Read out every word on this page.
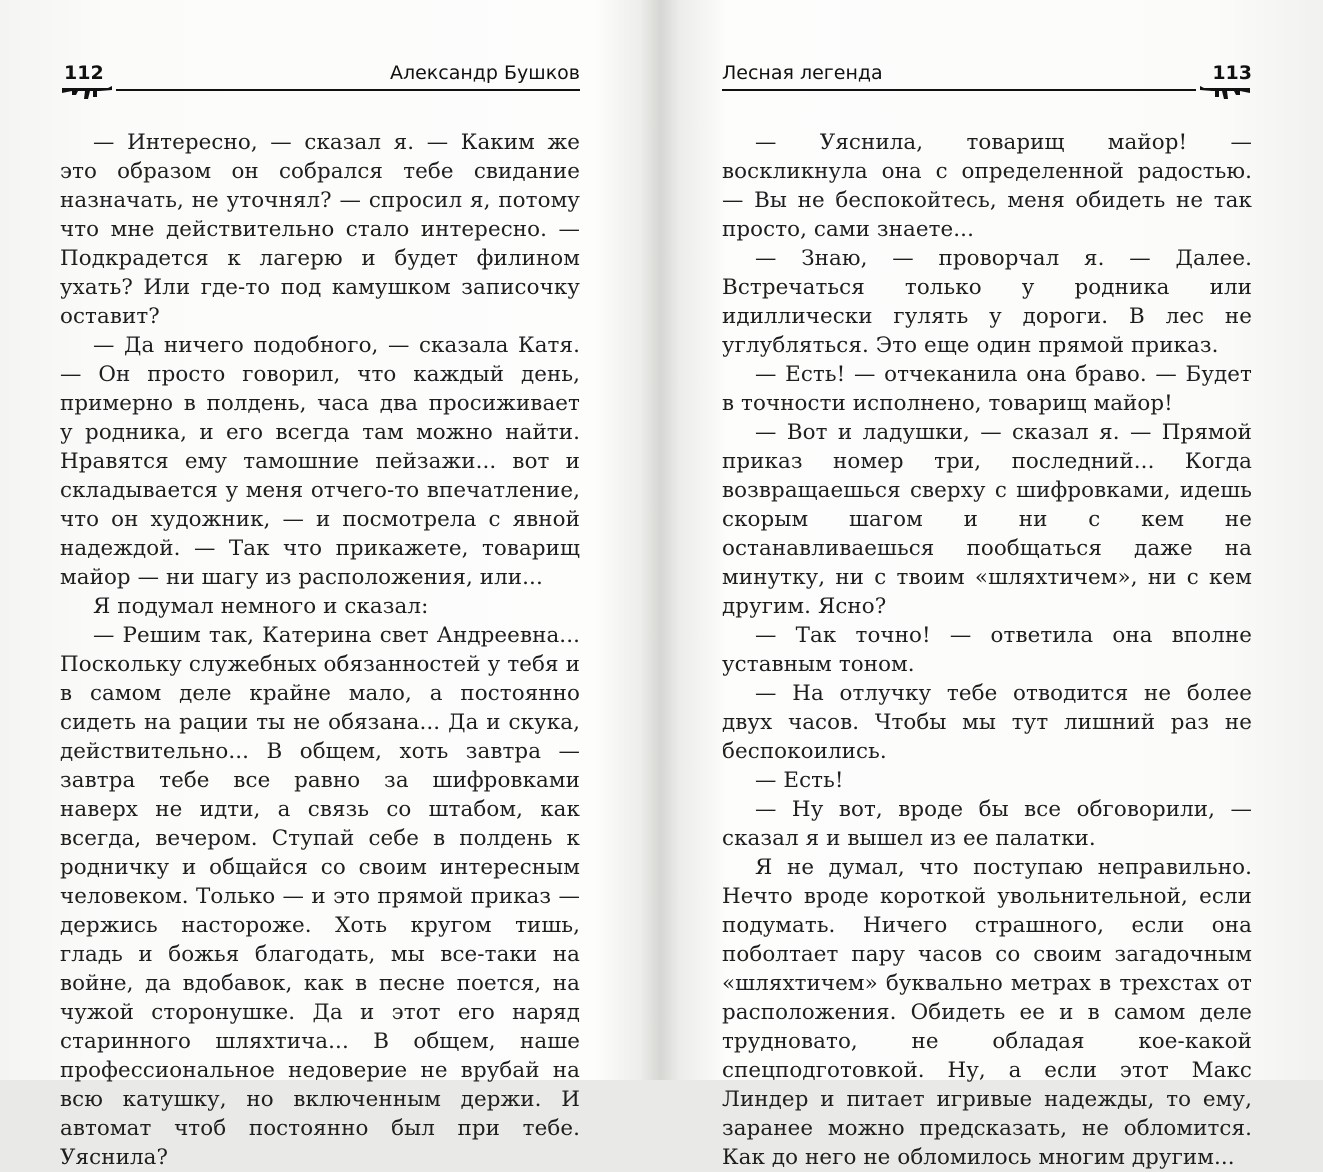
112	Александр Бушков

— Интересно, — сказал я. — Каким же это образом он собрался тебе свидание назначать, не уточнял? — спросил я, потому что мне действительно стало интересно. — Подкрадется к лагерю и будет филином ухать? Или где-то под камушком записочку оставит?

— Да ничего подобного, — сказала Катя. — Он просто говорил, что каждый день, примерно в полдень, часа два просиживает у родника, и его всегда там можно найти. Нравятся ему тамошние пейзажи... вот и складывается у меня отчего-то впечатление, что он художник, — и посмотрела с явной надеждой. — Так что прикажете, товарищ майор — ни шагу из расположения, или...

Я подумал немного и сказал:

— Решим так, Катерина свет Андреевна... Поскольку служебных обязанностей у тебя и в самом деле крайне мало, а постоянно сидеть на рации ты не обязана... Да и скука, действительно... В общем, хоть завтра — завтра тебе все равно за шифровками наверх не идти, а связь со штабом, как всегда, вечером. Ступай себе в полдень к родничку и общайся со своим интересным человеком. Только — и это прямой приказ — держись настороже. Хоть кругом тишь, гладь и божья благодать, мы все-таки на войне, да вдобавок, как в песне поется, на чужой сторонушке. Да и этот его наряд старинного шляхтича... В общем, наше профессиональное недоверие не врубай на всю катушку, но включенным держи. И автомат чтоб постоянно был при тебе. Уяснила?

Лесная легенда	113

— Уяснила, товарищ майор! — воскликнула она с определенной радостью. — Вы не беспокойтесь, меня обидеть не так просто, сами знаете...

— Знаю, — проворчал я. — Далее. Встречаться только у родника или идиллически гулять у дороги. В лес не углубляться. Это еще один прямой приказ.

— Есть! — отчеканила она браво. — Будет в точности исполнено, товарищ майор!

— Вот и ладушки, — сказал я. — Прямой приказ номер три, последний... Когда возвращаешься сверху с шифровками, идешь скорым шагом и ни с кем не останавливаешься пообщаться даже на минутку, ни с твоим «шляхтичем», ни с кем другим. Ясно?

— Так точно! — ответила она вполне уставным тоном.

— На отлучку тебе отводится не более двух часов. Чтобы мы тут лишний раз не беспокоились.

— Есть!

— Ну вот, вроде бы все обговорили, — сказал я и вышел из ее палатки.

Я не думал, что поступаю неправильно. Нечто вроде короткой увольнительной, если подумать. Ничего страшного, если она поболтает пару часов со своим загадочным «шляхтичем» буквально метрах в трехстах от расположения. Обидеть ее и в самом деле трудновато, не обладая кое-какой спецподготовкой. Ну, а если этот Макс Линдер и питает игривые надежды, то ему, заранее можно предсказать, не обломится. Как до него не обломилось многим другим...
